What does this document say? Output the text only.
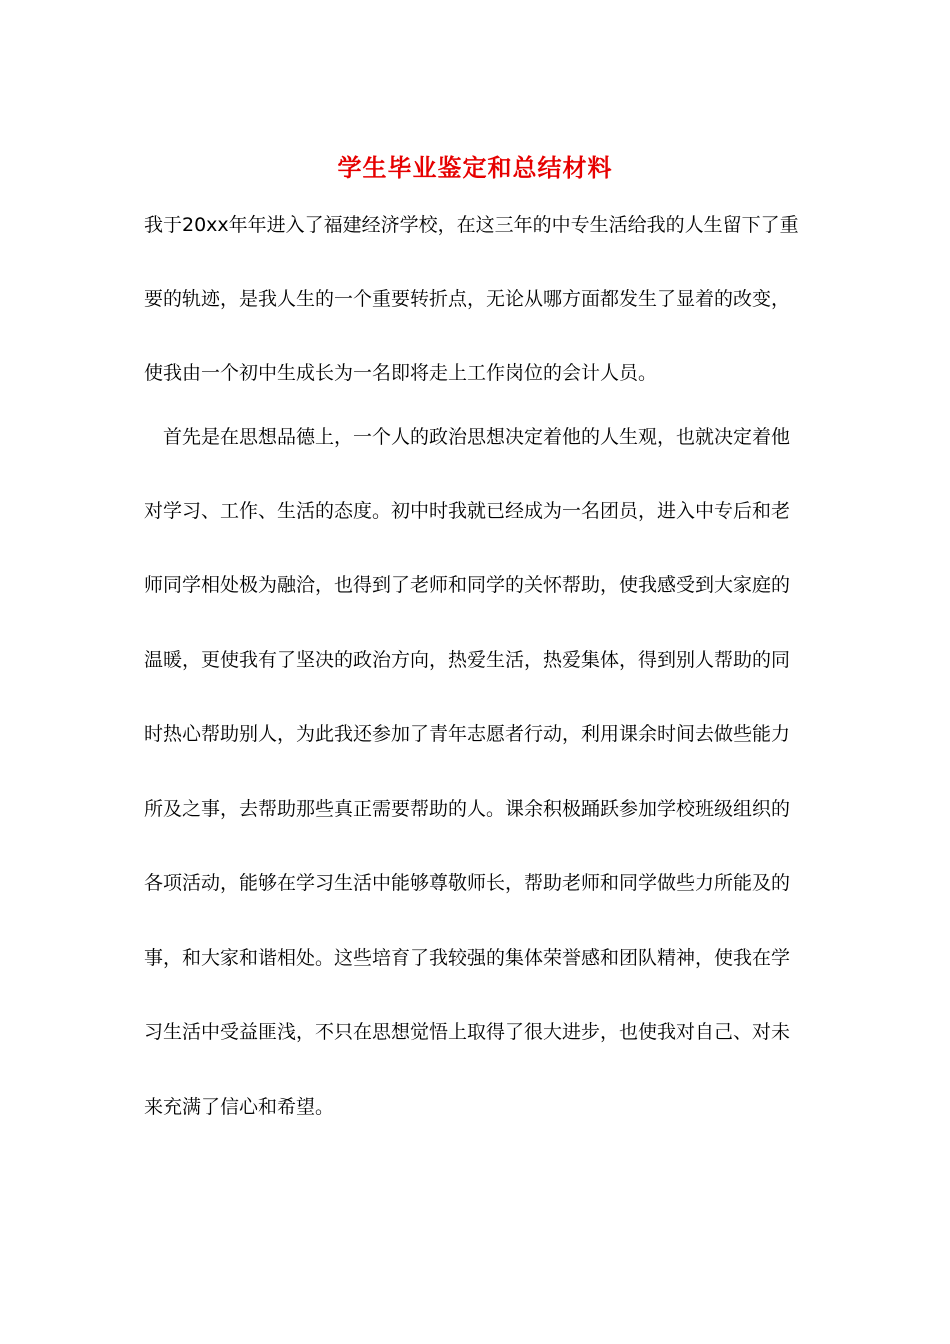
学生毕业鉴定和总结材料
我于20xx年年进入了福建经济学校，在这三年的中专生活给我的人生留下了重
要的轨迹，是我人生的一个重要转折点，无论从哪方面都发生了显着的改变，
使我由一个初中生成长为一名即将走上工作岗位的会计人员。
　首先是在思想品德上，一个人的政治思想决定着他的人生观，也就决定着他
对学习、工作、生活的态度。初中时我就已经成为一名团员，进入中专后和老
师同学相处极为融洽，也得到了老师和同学的关怀帮助，使我感受到大家庭的
温暖，更使我有了坚决的政治方向，热爱生活，热爱集体，得到别人帮助的同
时热心帮助别人，为此我还参加了青年志愿者行动，利用课余时间去做些能力
所及之事，去帮助那些真正需要帮助的人。课余积极踊跃参加学校班级组织的
各项活动，能够在学习生活中能够尊敬师长，帮助老师和同学做些力所能及的
事，和大家和谐相处。这些培育了我较强的集体荣誉感和团队精神，使我在学
习生活中受益匪浅，不只在思想觉悟上取得了很大进步，也使我对自己、对未
来充满了信心和希望。
